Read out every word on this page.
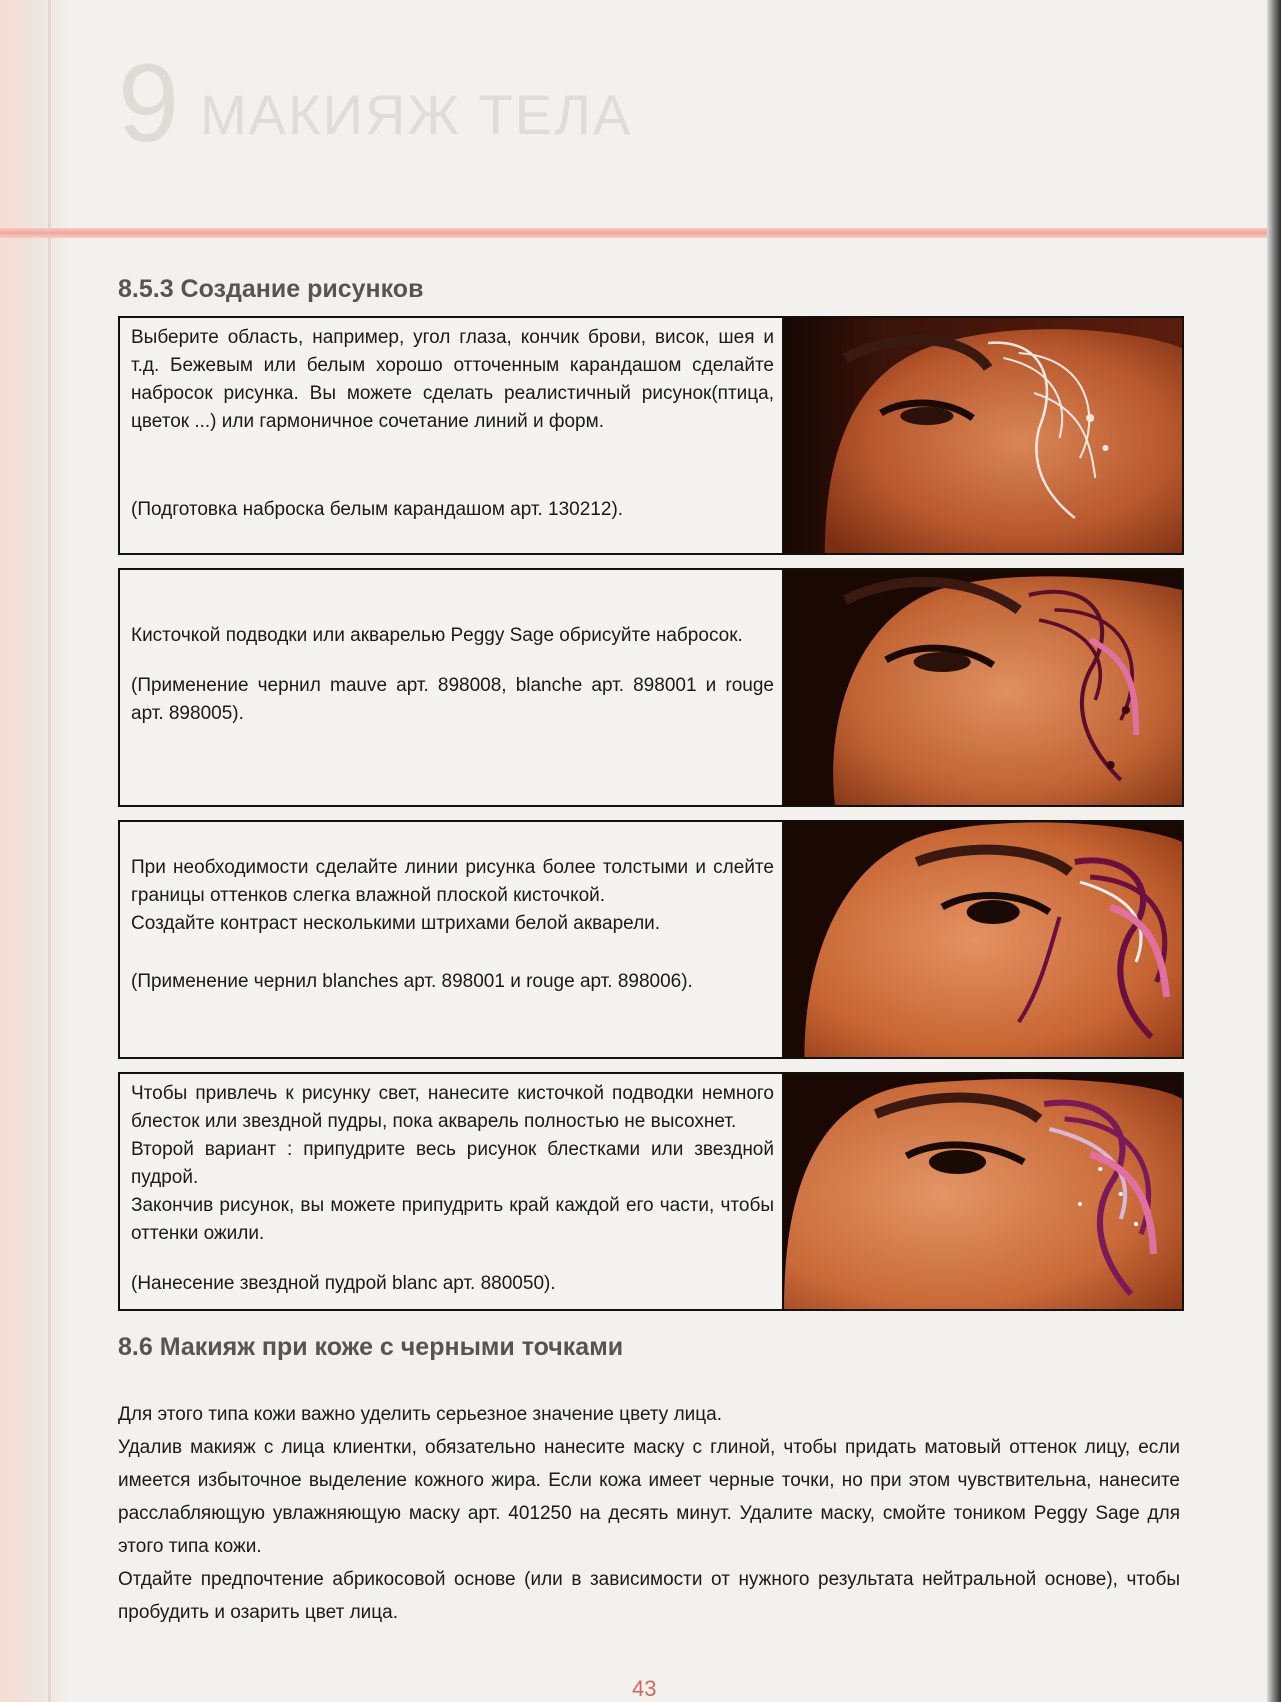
9 МАКИЯЖ ТЕЛА
8.5.3 Создание рисунков

Выберите область, например, угол глаза, кончик брови, висок, шея и т.д. Бежевым или белым хорошо отточенным карандашом сделайте набросок рисунка. Вы можете сделать реалистичный рисунок(птица, цветок ...) или гармоничное сочетание линий и форм.

(Подготовка наброска белым карандашом арт. 130212).

Кисточкой подводки или акварелью Peggy Sage обрисуйте набросок.

(Применение чернил mauve арт. 898008, blanche арт. 898001 и rouge арт. 898005).

При необходимости сделайте линии рисунка более толстыми и слейте границы оттенков слегка влажной плоской кисточкой.

Создайте контраст несколькими штрихами белой акварели.

(Применение чернил blanches арт. 898001 и rouge арт. 898006).

Чтобы привлечь к рисунку свет, нанесите кисточкой подводки немного блесток или звездной пудры, пока акварель полностью не высохнет.

Второй вариант : припудрите весь рисунок блестками или звездной пудрой.

Закончив рисунок, вы можете припудрить край каждой его части, чтобы оттенки ожили.

(Нанесение звездной пудрой blanc арт. 880050).

8.6 Макияж при коже с черными точками

Для этого типа кожи важно уделить серьезное значение цвету лица.

Удалив макияж с лица клиентки, обязательно нанесите маску с глиной, чтобы придать матовый оттенок лицу, если имеется избыточное выделение кожного жира. Если кожа имеет черные точки, но при этом чувствительна, нанесите расслабляющую увлажняющую маску арт. 401250 на десять минут. Удалите маску, смойте тоником Peggy Sage для этого типа кожи.

Отдайте предпочтение абрикосовой основе (или в зависимости от нужного результата нейтральной основе), чтобы пробудить и озарить цвет лица.

43
